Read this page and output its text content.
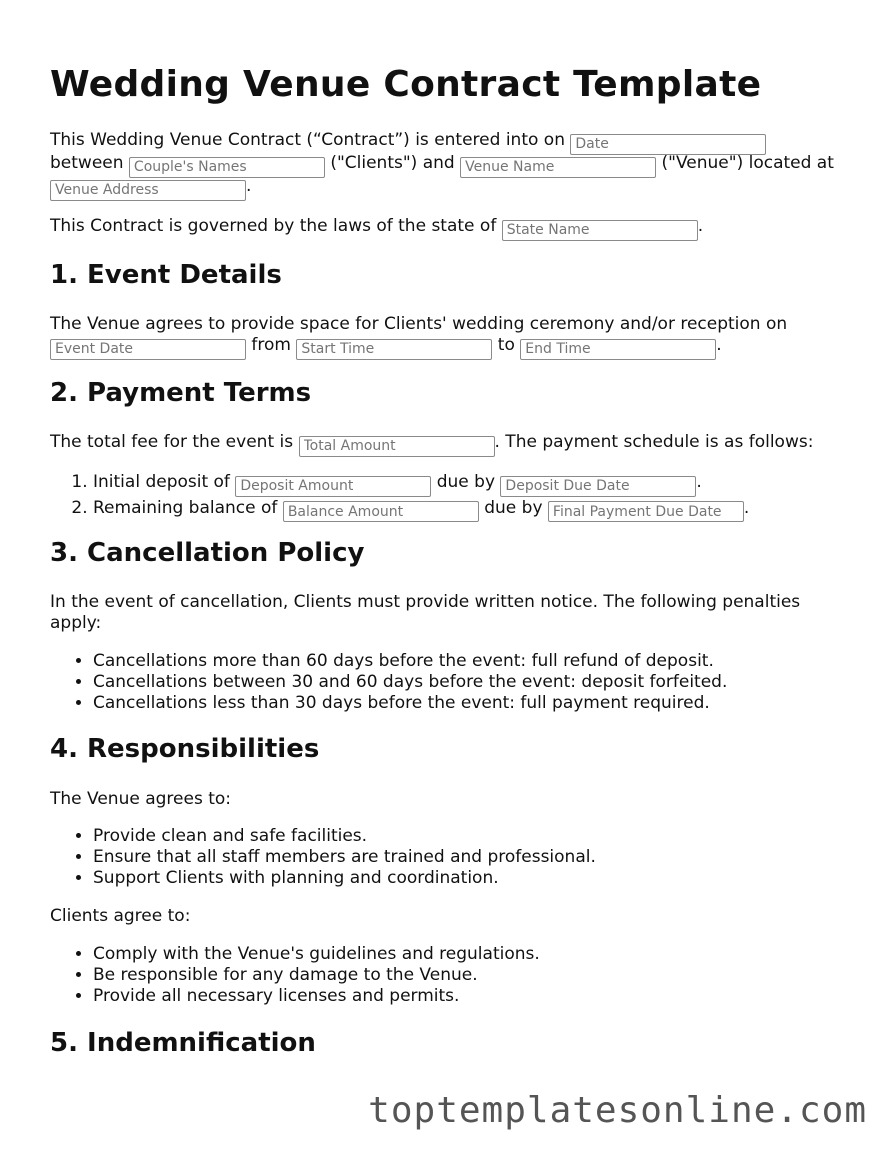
Wedding Venue Contract Template
This Wedding Venue Contract (“Contract”) is entered into on Date
between Couple's Names	("Clients") and Venue Name	("Venue") located at
Venue Address.
This Contract is governed by the laws of the state of State Name	.
1. Event Details
The Venue agrees to provide space for Clients' wedding ceremony and/or reception on
Event Date from Start Time	to End Time	.
2. Payment Terms
The total fee for the event is Total Amount	. The payment schedule is as follows:
1. Initial deposit of Deposit Amount	due by Deposit Due Date	.
2. Remaining balance of Balance Amount	due by Final Payment Due Date	.
3. Cancellation Policy
In the event of cancellation, Clients must provide written notice. The following penalties
apply:
• Cancellations more than 60 days before the event: full refund of deposit.
• Cancellations between 30 and 60 days before the event: deposit forfeited.
• Cancellations less than 30 days before the event: full payment required.
4. Responsibilities
The Venue agrees to:
• Provide clean and safe facilities.
• Ensure that all staff members are trained and professional.
• Support Clients with planning and coordination.
Clients agree to:
• Comply with the Venue's guidelines and regulations.
• Be responsible for any damage to the Venue.
• Provide all necessary licenses and permits.
5. Indemnification
toptemplatesonline.com
